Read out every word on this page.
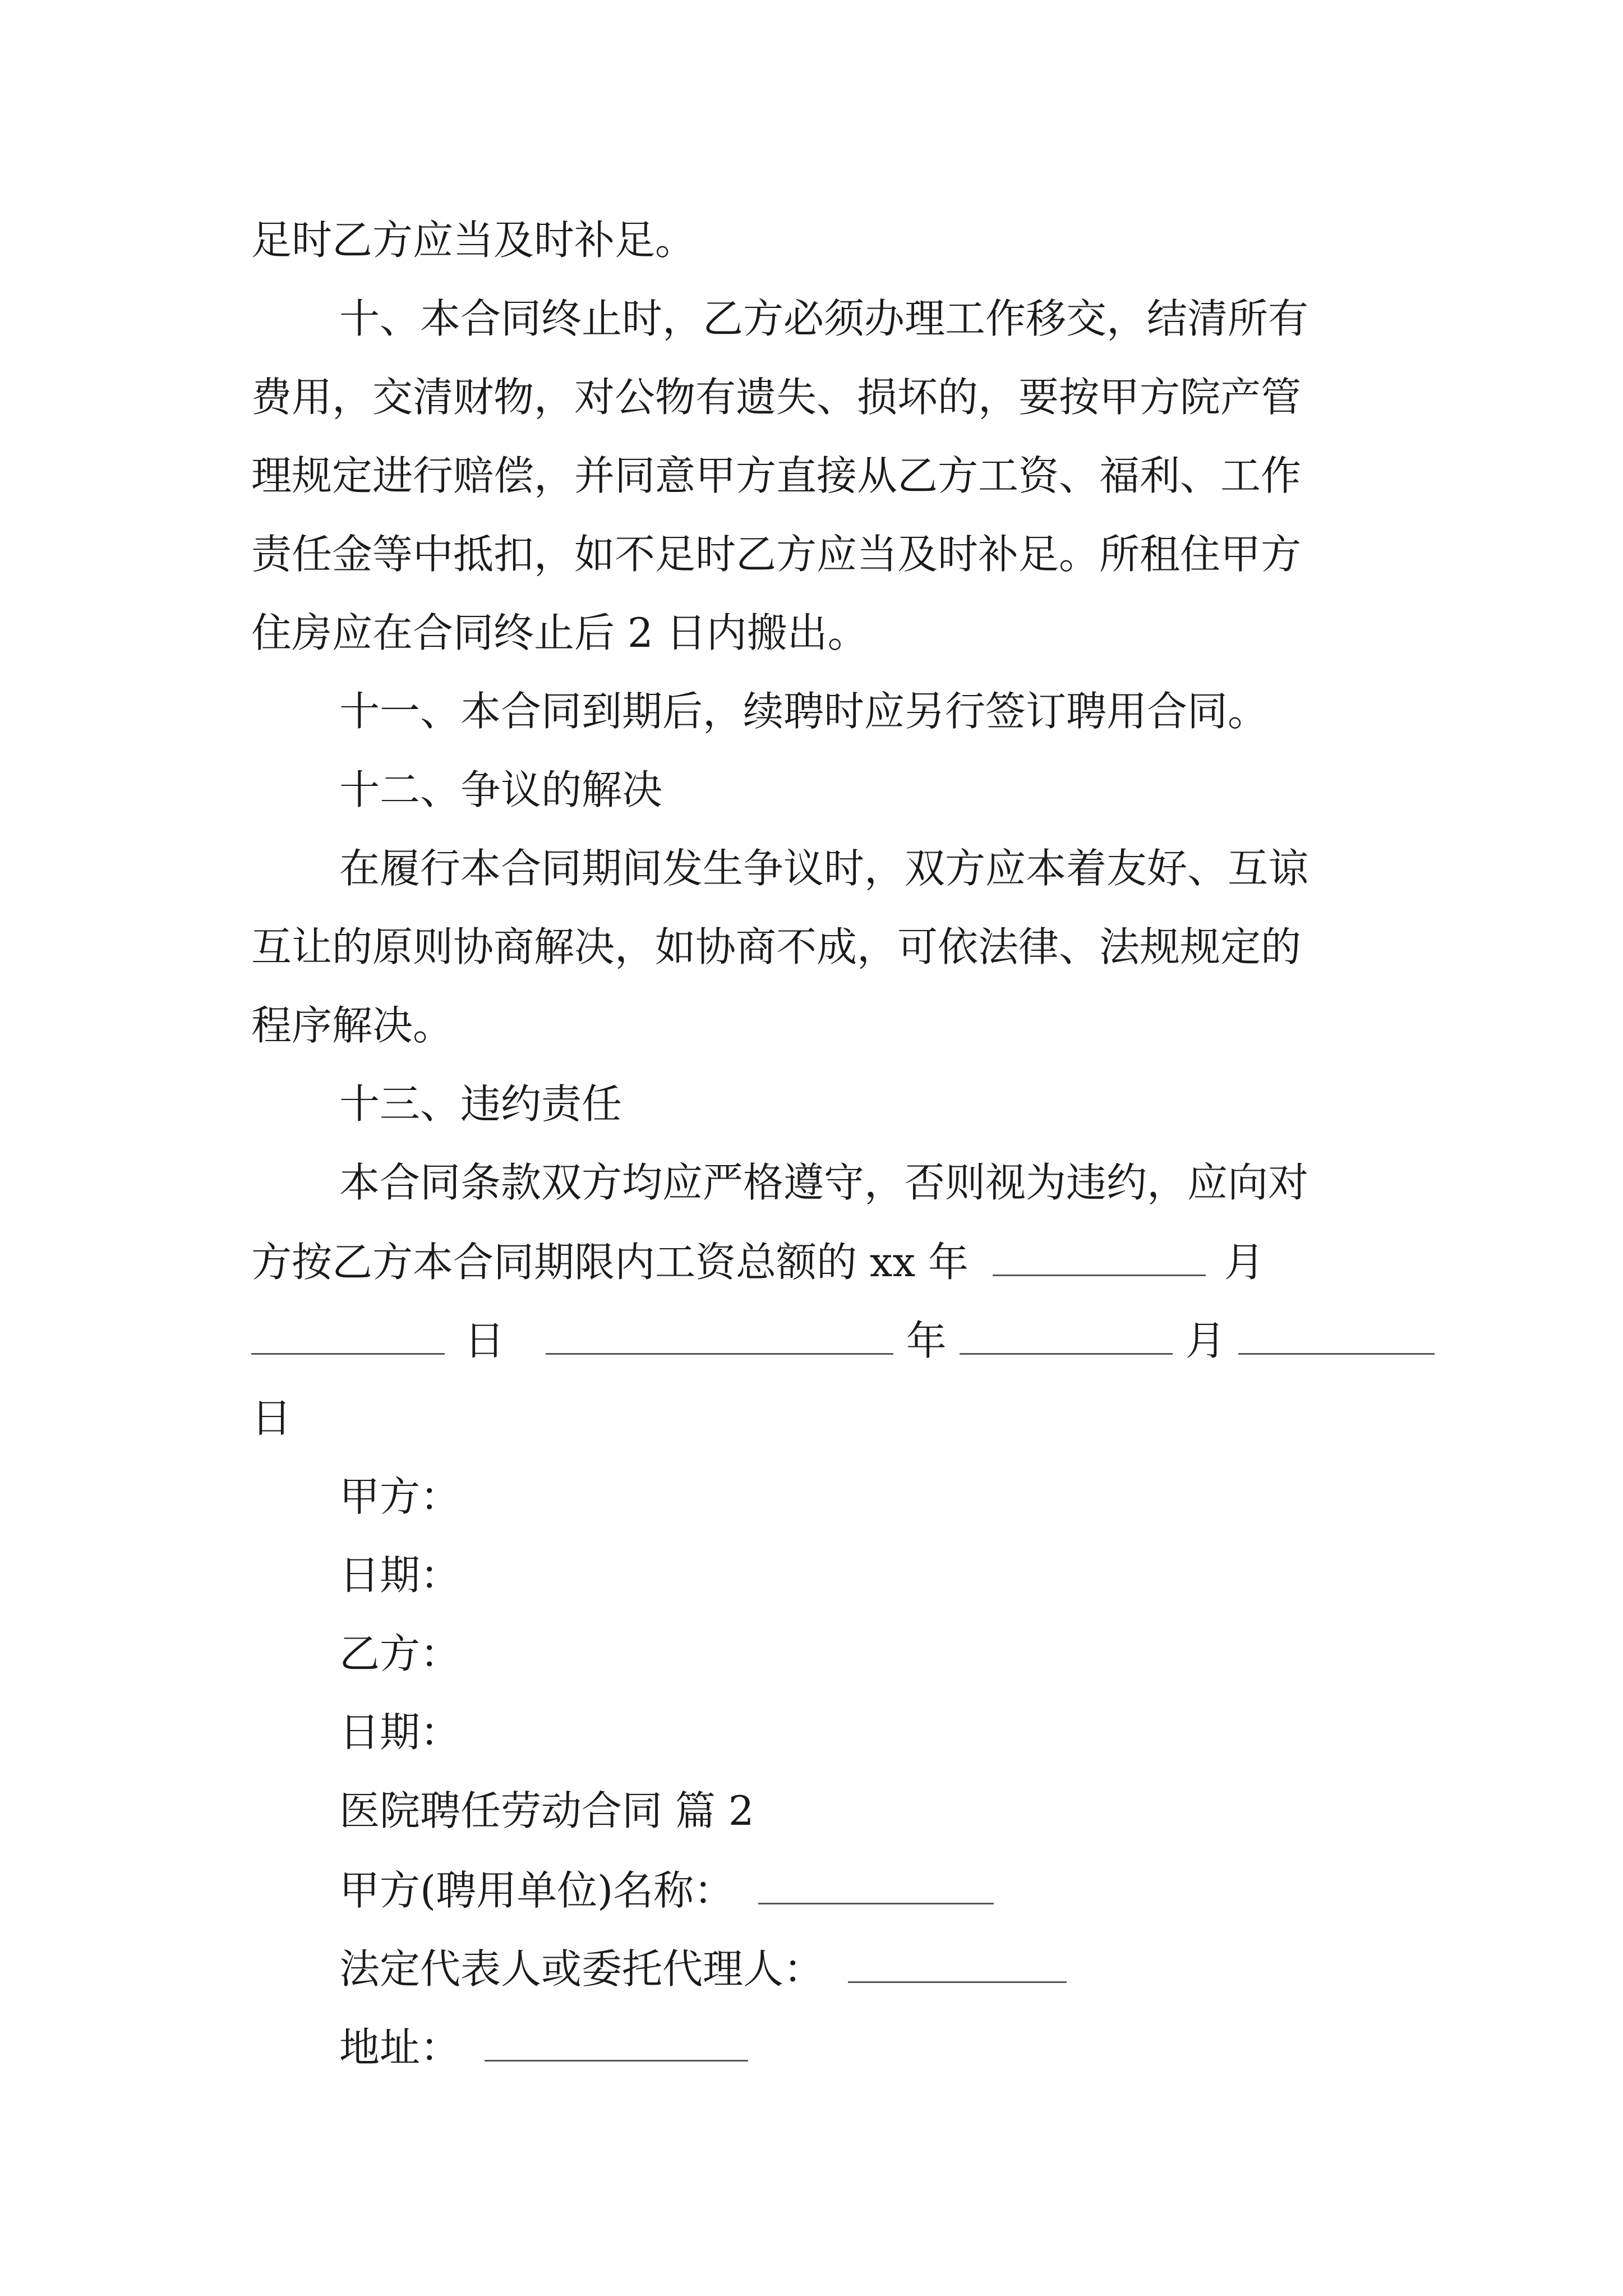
足时乙方应当及时补足。
十、本合同终止时，乙方必须办理工作移交，结清所有
费用，交清财物，对公物有遗失、损坏的，要按甲方院产管
理规定进行赔偿，并同意甲方直接从乙方工资、福利、工作
责任金等中抵扣，如不足时乙方应当及时补足。所租住甲方
住房应在合同终止后 2 日内搬出。
十一、本合同到期后，续聘时应另行签订聘用合同。
十二、争议的解决
在履行本合同期间发生争议时，双方应本着友好、互谅
互让的原则协商解决，如协商不成，可依法律、法规规定的
程序解决。
十三、违约责任
本合同条款双方均应严格遵守，否则视为违约，应向对
方按乙方本合同期限内工资总额的 xx 年	月
日	年	月
日
甲方：
日期：
乙方：
日期：
医院聘任劳动合同 篇 2
甲方(聘用单位)名称：
法定代表人或委托代理人：
地址：
